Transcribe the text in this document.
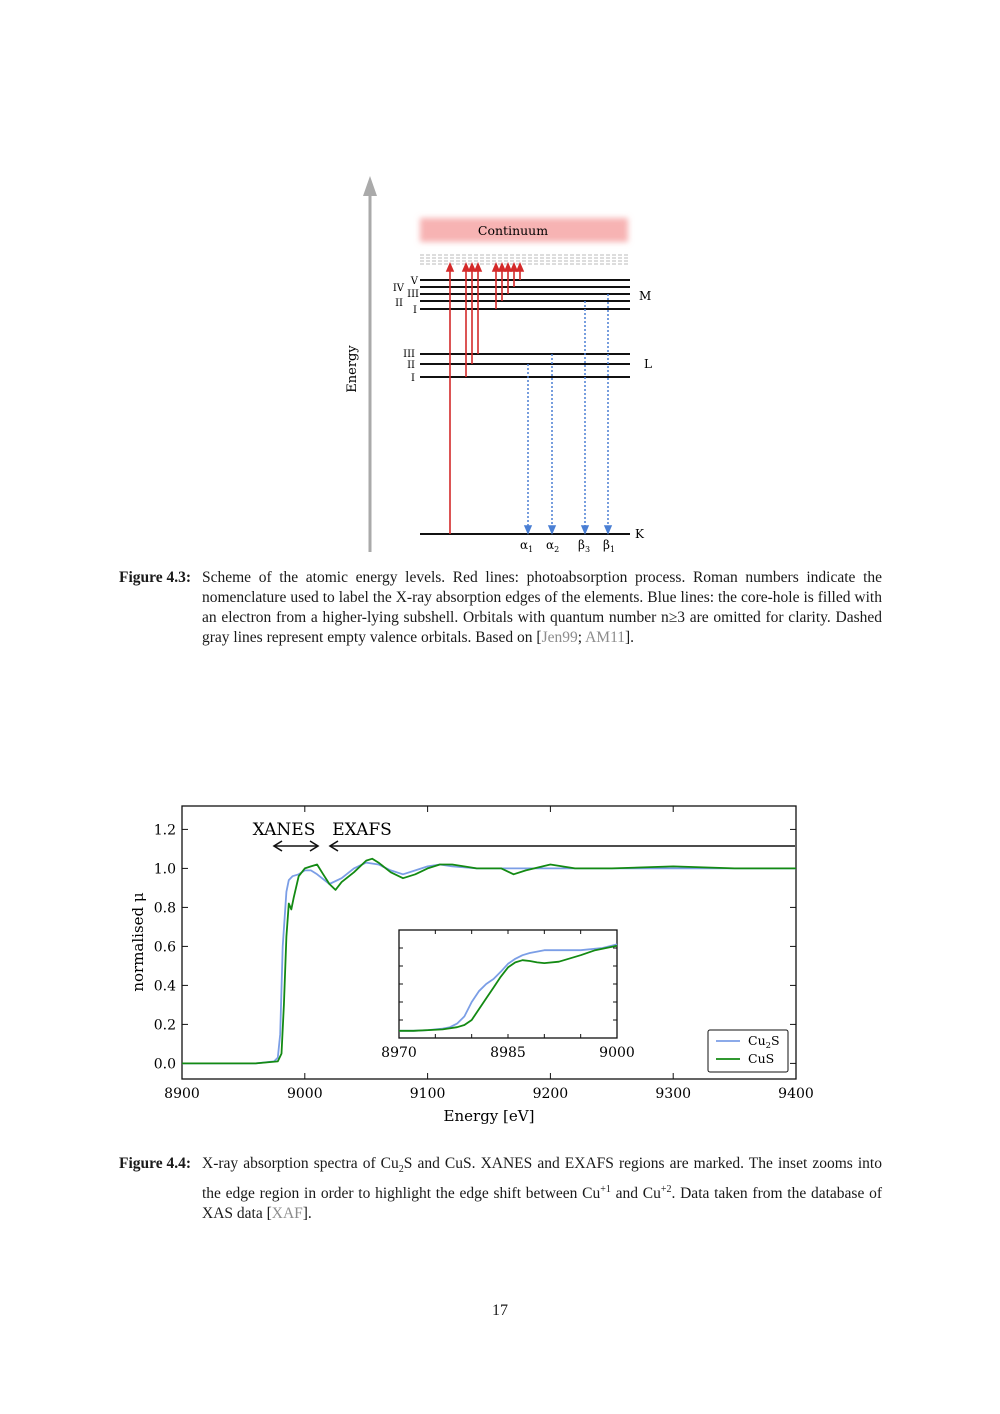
Energy
Continuum
V
IV
III
II
I
M
III
II
I
L
K
$\alpha_1$ $\alpha_2$ $\beta_3$ $\beta_1$
Figure 4.3: Scheme of the atomic energy levels. Red lines: photoabsorption process. Roman numbers indicate the nomenclature used to label the X-ray absorption edges of the elements. Blue lines: the core-hole is filled with an electron from a higher-lying subshell. Orbitals with quantum number n≥3 are omitted for clarity. Dashed gray lines represent empty valence orbitals. Based on [Jen99; AM11].
0.0
0.2
0.4
0.6
0.8
1.0
1.2
8900	9000	9100	9200	9300	9400
Energy [eV]
normalised μ
XANES EXAFS
8970	8985	9000
$Cu_2S$
CuS
Figure 4.4: X-ray absorption spectra of $Cu_2S$ and CuS. XANES and EXAFS regions are marked. The inset zooms into the edge region in order to highlight the edge shift between $Cu^{+1}$ and $Cu^{+2}$. Data taken from the database of XAS data [XAF].
17
